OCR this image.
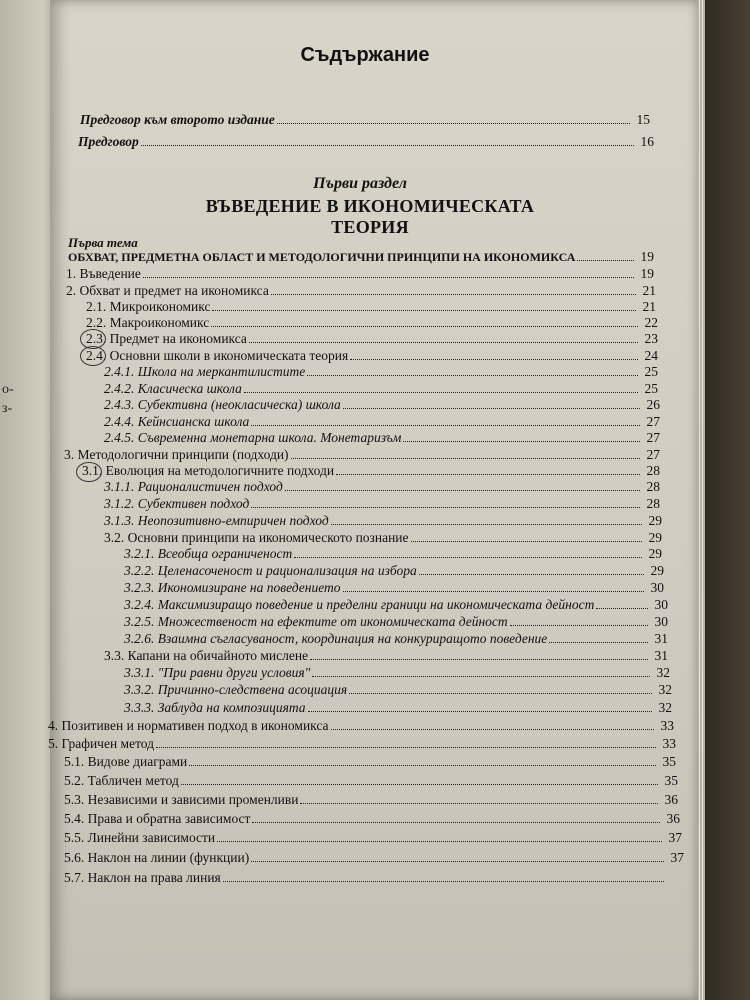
о-
з-
Съдържание
Предговор към второто издание	15
Предговор	16
Първи раздел
ВЪВЕДЕНИЕ В ИКОНОМИЧЕСКАТА ТЕОРИЯ
Първа тема
ОБХВАТ, ПРЕДМЕТНА ОБЛАСТ И МЕТОДОЛОГИЧНИ ПРИНЦИПИ НА ИКОНОМИКСА	19
1. Въведение	19
2. Обхват и предмет на икономикса	21
2.1. Микроикономикс	21
2.2. Макроикономикс	22
2.3. Предмет на икономикса	23
2.4. Основни школи в икономическата теория	24
2.4.1. Школа на меркантилистите	25
2.4.2. Класическа школа	25
2.4.3. Субективна (неокласическа) школа	26
2.4.4. Кейнсианска школа	27
2.4.5. Съвременна монетарна школа. Монетаризъм	27
3. Методологични принципи (подходи)	27
3.1. Еволюция на методологичните подходи	28
3.1.1. Рационалистичен подход	28
3.1.2. Субективен подход	28
3.1.3. Неопозитивно-емпиричен подход	29
3.2. Основни принципи на икономическото познание	29
3.2.1. Всеобща ограниченост	29
3.2.2. Целенасоченост и рационализация на избора	29
3.2.3. Икономизиране на поведението	30
3.2.4. Максимизиращо поведение и пределни граници на икономическата дейност	30
3.2.5. Множественост на ефектите от икономическата дейност	30
3.2.6. Взаимна съгласуваност, координация на конкуриращото поведение	31
3.3. Капани на обичайното мислене	31
3.3.1. "При равни други условия"	32
3.3.2. Причинно-следствена асоциация	32
3.3.3. Заблуда на композицията	32
4. Позитивен и нормативен подход в икономикса	33
5. Графичен метод	33
5.1. Видове диаграми	35
5.2. Табличен метод	35
5.3. Независими и зависими променливи	36
5.4. Права и обратна зависимост	36
5.5. Линейни зависимости	37
5.6. Наклон на линии (функции)	37
5.7. Наклон на права линия
